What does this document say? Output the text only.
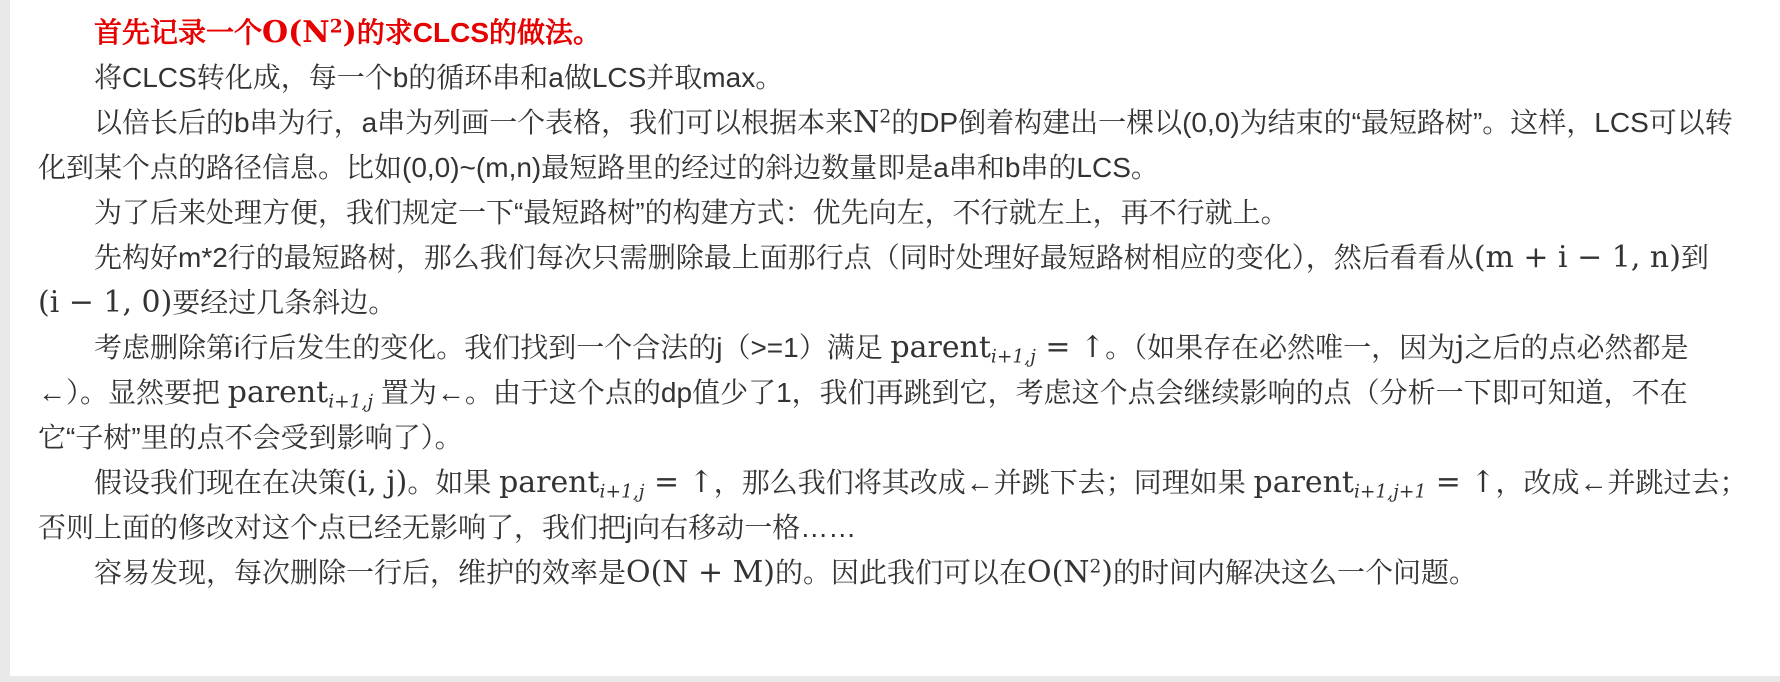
首先记录一个$O(N^2)$的求CLCS的做法。

将CLCS转化成，每一个b的循环串和a做LCS并取max。

以倍长后的b串为行，a串为列画一个表格，我们可以根据本来$N^2$的DP倒着构建出一棵以(0,0)为结束的“最短路树”。这样，LCS可以转化到某个点的路径信息。比如(0,0)~(m,n)最短路里的经过的斜边数量即是a串和b串的LCS。

为了后来处理方便，我们规定一下“最短路树”的构建方式：优先向左，不行就左上，再不行就上。

先构好m*2行的最短路树，那么我们每次只需删除最上面那行点（同时处理好最短路树相应的变化），然后看看从(m + i − 1, n)到(i − 1, 0)要经过几条斜边。

考虑删除第i行后发生的变化。我们找到一个合法的j（>=1）满足 parent$_{i+1,j}$ = ↑。（如果存在必然唯一，因为j之后的点必然都是←）。显然要把 parent$_{i+1,j}$ 置为←。由于这个点的dp值少了1，我们再跳到它，考虑这个点会继续影响的点（分析一下即可知道，不在它“子树”里的点不会受到影响了）。

假设我们现在在决策(i, j)。如果 parent$_{i+1,j}$ = ↑，那么我们将其改成←并跳下去；同理如果 parent$_{i+1,j+1}$ = ↑，改成←并跳过去；否则上面的修改对这个点已经无影响了，我们把j向右移动一格……

容易发现，每次删除一行后，维护的效率是O(N + M)的。因此我们可以在$O(N^2)$的时间内解决这么一个问题。
